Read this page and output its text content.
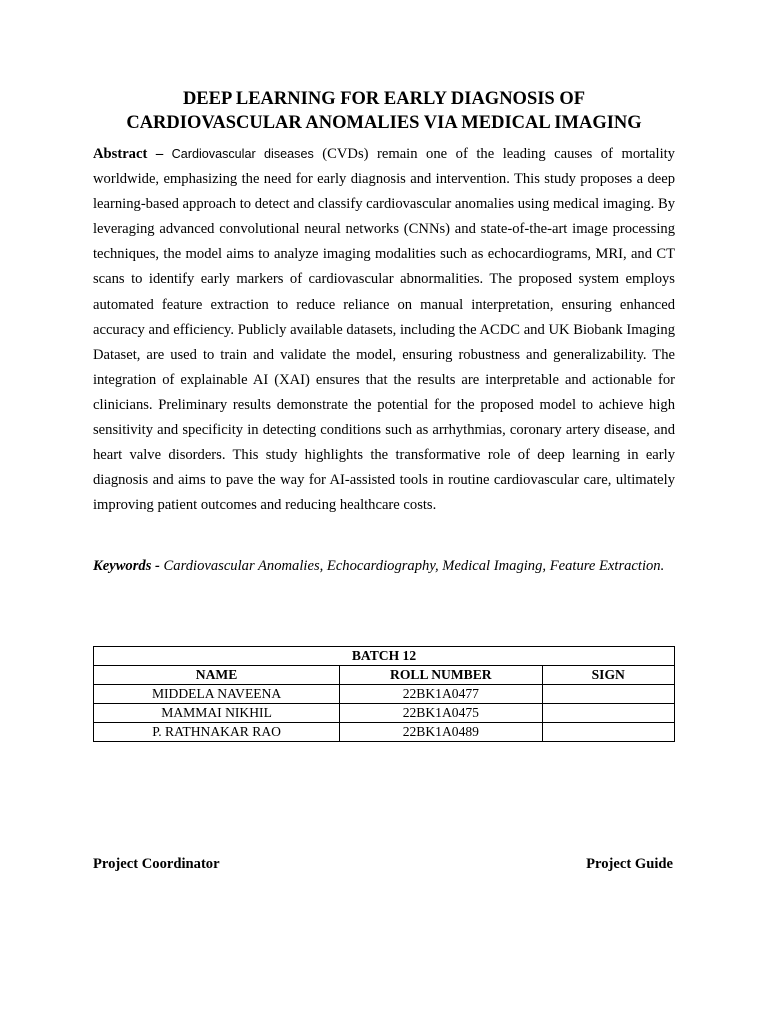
DEEP LEARNING FOR EARLY DIAGNOSIS OF
CARDIOVASCULAR ANOMALIES VIA MEDICAL IMAGING

Abstract – Cardiovascular diseases (CVDs) remain one of the leading causes of mortality worldwide, emphasizing the need for early diagnosis and intervention. This study proposes a deep learning-based approach to detect and classify cardiovascular anomalies using medical imaging. By leveraging advanced convolutional neural networks (CNNs) and state-of-the-art image processing techniques, the model aims to analyze imaging modalities such as echocardiograms, MRI, and CT scans to identify early markers of cardiovascular abnormalities. The proposed system employs automated feature extraction to reduce reliance on manual interpretation, ensuring enhanced accuracy and efficiency. Publicly available datasets, including the ACDC and UK Biobank Imaging Dataset, are used to train and validate the model, ensuring robustness and generalizability. The integration of explainable AI (XAI) ensures that the results are interpretable and actionable for clinicians. Preliminary results demonstrate the potential for the proposed model to achieve high sensitivity and specificity in detecting conditions such as arrhythmias, coronary artery disease, and heart valve disorders. This study highlights the transformative role of deep learning in early diagnosis and aims to pave the way for AI-assisted tools in routine cardiovascular care, ultimately improving patient outcomes and reducing healthcare costs.

Keywords - Cardiovascular Anomalies, Echocardiography, Medical Imaging, Feature Extraction.

BATCH 12		
NAME	ROLL NUMBER	SIGN
MIDDELA NAVEENA	22BK1A0477	
MAMMAI NIKHIL	22BK1A0475	
P. RATHNAKAR RAO	22BK1A0489	
Project Coordinator	Project Guide
